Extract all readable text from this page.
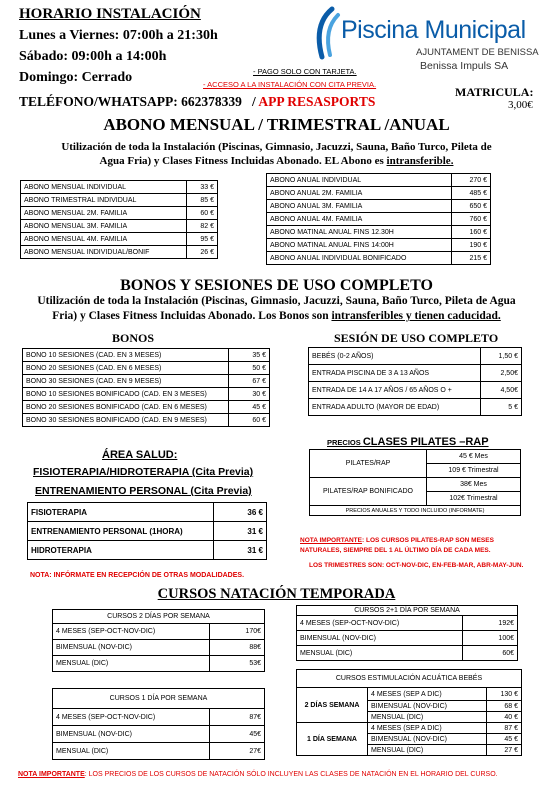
HORARIO INSTALACIÓN
Lunes a Viernes: 07:00h a 21:30h
Sábado: 09:00h a 14:00h
Domingo: Cerrado
TELÉFONO/WHATSAPP: 662378339 / APP RESASPORTS
- PAGO SOLO CON TARJETA.
- ACCESO A LA INSTALACIÓN CON CITA PREVIA.
MATRICULA:
3,00€
Piscina Municipal
AJUNTAMENT DE BENISSA
Benissa Impuls SA
ABONO MENSUAL / TRIMESTRAL /ANUAL
Utilización de toda la Instalación (Piscinas, Gimnasio, Jacuzzi, Sauna, Baño Turco, Pileta de
Agua Fria) y Clases Fitness Incluidas Abonado. EL Abono es intransferible.
ABONO MENSUAL INDIVIDUAL	33 €
ABONO TRIMESTRAL INDIVIDUAL	85 €
ABONO MENSUAL 2M. FAMILIA	60 €
ABONO MENSUAL 3M. FAMILIA	82 €
ABONO MENSUAL 4M. FAMILIA	95 €
ABONO MENSUAL INDIVIDUAL/BONIF	26 €
ABONO ANUAL INDIVIDUAL	270 €
ABONO ANUAL 2M. FAMILIA	485 €
ABONO ANUAL 3M. FAMILIA	650 €
ABONO ANUAL 4M. FAMILIA	760 €
ABONO MATINAL ANUAL FINS 12.30H	160 €
ABONO MATINAL ANUAL FINS 14:00H	190 €
ABONO ANUAL INDIVIDUAL BONIFICADO	215 €
BONOS Y SESIONES DE USO COMPLETO
Utilización de toda la Instalación (Piscinas, Gimnasio, Jacuzzi, Sauna, Baño Turco, Pileta de Agua
Fria) y Clases Fitness Incluidas Abonado. Los Bonos son intransferibles y tienen caducidad.
BONOS
BONO 10 SESIONES (CAD. EN 3 MESES)	35 €
BONO 20 SESIONES (CAD. EN 6 MESES)	50 €
BONO 30 SESIONES (CAD. EN 9 MESES)	67 €
BONO 10 SESIONES BONIFICADO (CAD. EN 3 MESES)	30 €
BONO 20 SESIONES BONIFICADO (CAD. EN 6 MESES)	45 €
BONO 30 SESIONES BONIFICADO (CAD. EN 9 MESES)	60 €
SESIÓN DE USO COMPLETO
BEBÉS (0-2 AÑOS)	1,50 €
ENTRADA PISCINA DE 3 A 13 AÑOS	2,50€
ENTRADA DE 14 A 17 AÑOS / 65 AÑOS O +	4,50€
ENTRADA ADULTO (MAYOR DE EDAD)	5 €
ÁREA SALUD:
FISIOTERAPIA/HIDROTERAPIA (Cita Previa)
ENTRENAMIENTO PERSONAL (Cita Previa)
FISIOTERAPIA	36 €
ENTRENAMIENTO PERSONAL (1HORA)	31 €
HIDROTERAPIA	31 €
NOTA: INFÓRMATE EN RECEPCIÓN DE OTRAS MODALIDADES.
PRECIOS CLASES PILATES –RAP
PILATES/RAP	45 € Mes
	109 € Trimestral
PILATES/RAP BONIFICADO	38€ Mes
	102€ Trimestral
PRECIOS ANUALES Y TODO INCLUIDO (INFORMATE)	
NOTA IMPORTANTE: LOS CURSOS PILATES-RAP SON MESES
NATURALES, SIEMPRE DEL 1 AL ÚLTIMO DÍA DE CADA MES.
LOS TRIMESTRES SON: OCT-NOV-DIC, EN-FEB-MAR, ABR-MAY-JUN.
CURSOS NATACIÓN TEMPORADA
CURSOS 2 DÍAS POR SEMANA	
4 MESES (SEP-OCT-NOV-DIC)	170€
BIMENSUAL (NOV-DIC)	88€
MENSUAL (DIC)	53€
CURSOS 1 DÍA POR SEMANA	
4 MESES (SEP-OCT-NOV-DIC)	87€
BIMENSUAL (NOV-DIC)	45€
MENSUAL (DIC)	27€
CURSOS 2+1 DÍA POR SEMANA	
4 MESES (SEP-OCT-NOV-DIC)	192€
BIMENSUAL (NOV-DIC)	100€
MENSUAL (DIC)	60€
CURSOS ESTIMULACIÓN ACUÁTICA BEBÉS		
2 DÍAS SEMANA	4 MESES (SEP A DIC)	130 €
	BIMENSUAL (NOV-DIC)	68 €
	MENSUAL (DIC)	40 €
1 DÍA SEMANA	4 MESES (SEP A DIC)	87 €
	BIMENSUAL (NOV-DIC)	45 €
	MENSUAL (DIC)	27 €
NOTA IMPORTANTE: LOS PRECIOS DE LOS CURSOS DE NATACIÓN SÓLO INCLUYEN LAS CLASES DE NATACIÓN EN EL HORARIO DEL CURSO.
